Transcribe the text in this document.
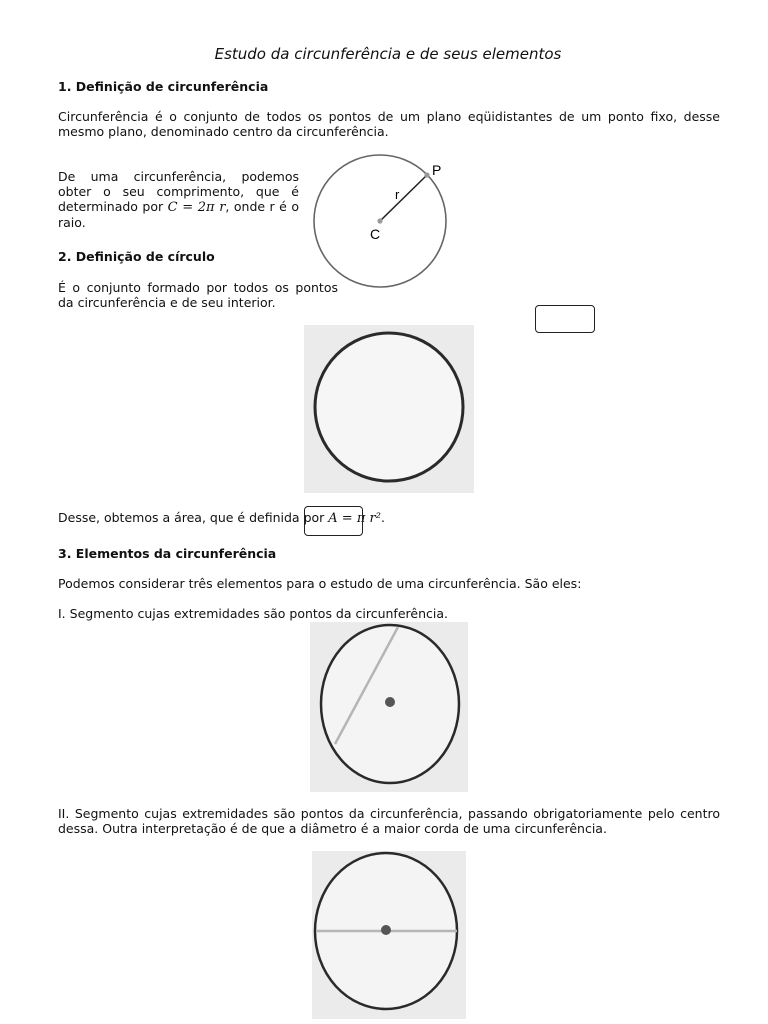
Estudo da circunferência e de seus elementos
1. Definição de circunferência
Circunferência é o conjunto de todos os pontos de um plano eqüidistantes de um ponto fixo, desse mesmo plano, denominado centro da circunferência.
De uma circunferência, podemos obter o seu comprimento, que é determinado por C = 2π r, onde r é o raio.
C
P
r
2. Definição de círculo
É o conjunto formado por todos os pontos da circunferência e de seu interior.
Desse, obtemos a área, que é definida por A = π r².
3. Elementos da circunferência
Podemos considerar três elementos para o estudo de uma circunferência. São eles:
I. Segmento cujas extremidades são pontos da circunferência.
II. Segmento cujas extremidades são pontos da circunferência, passando obrigatoriamente pelo centro dessa. Outra interpretação é de que a diâmetro é a maior corda de uma circunferência.
